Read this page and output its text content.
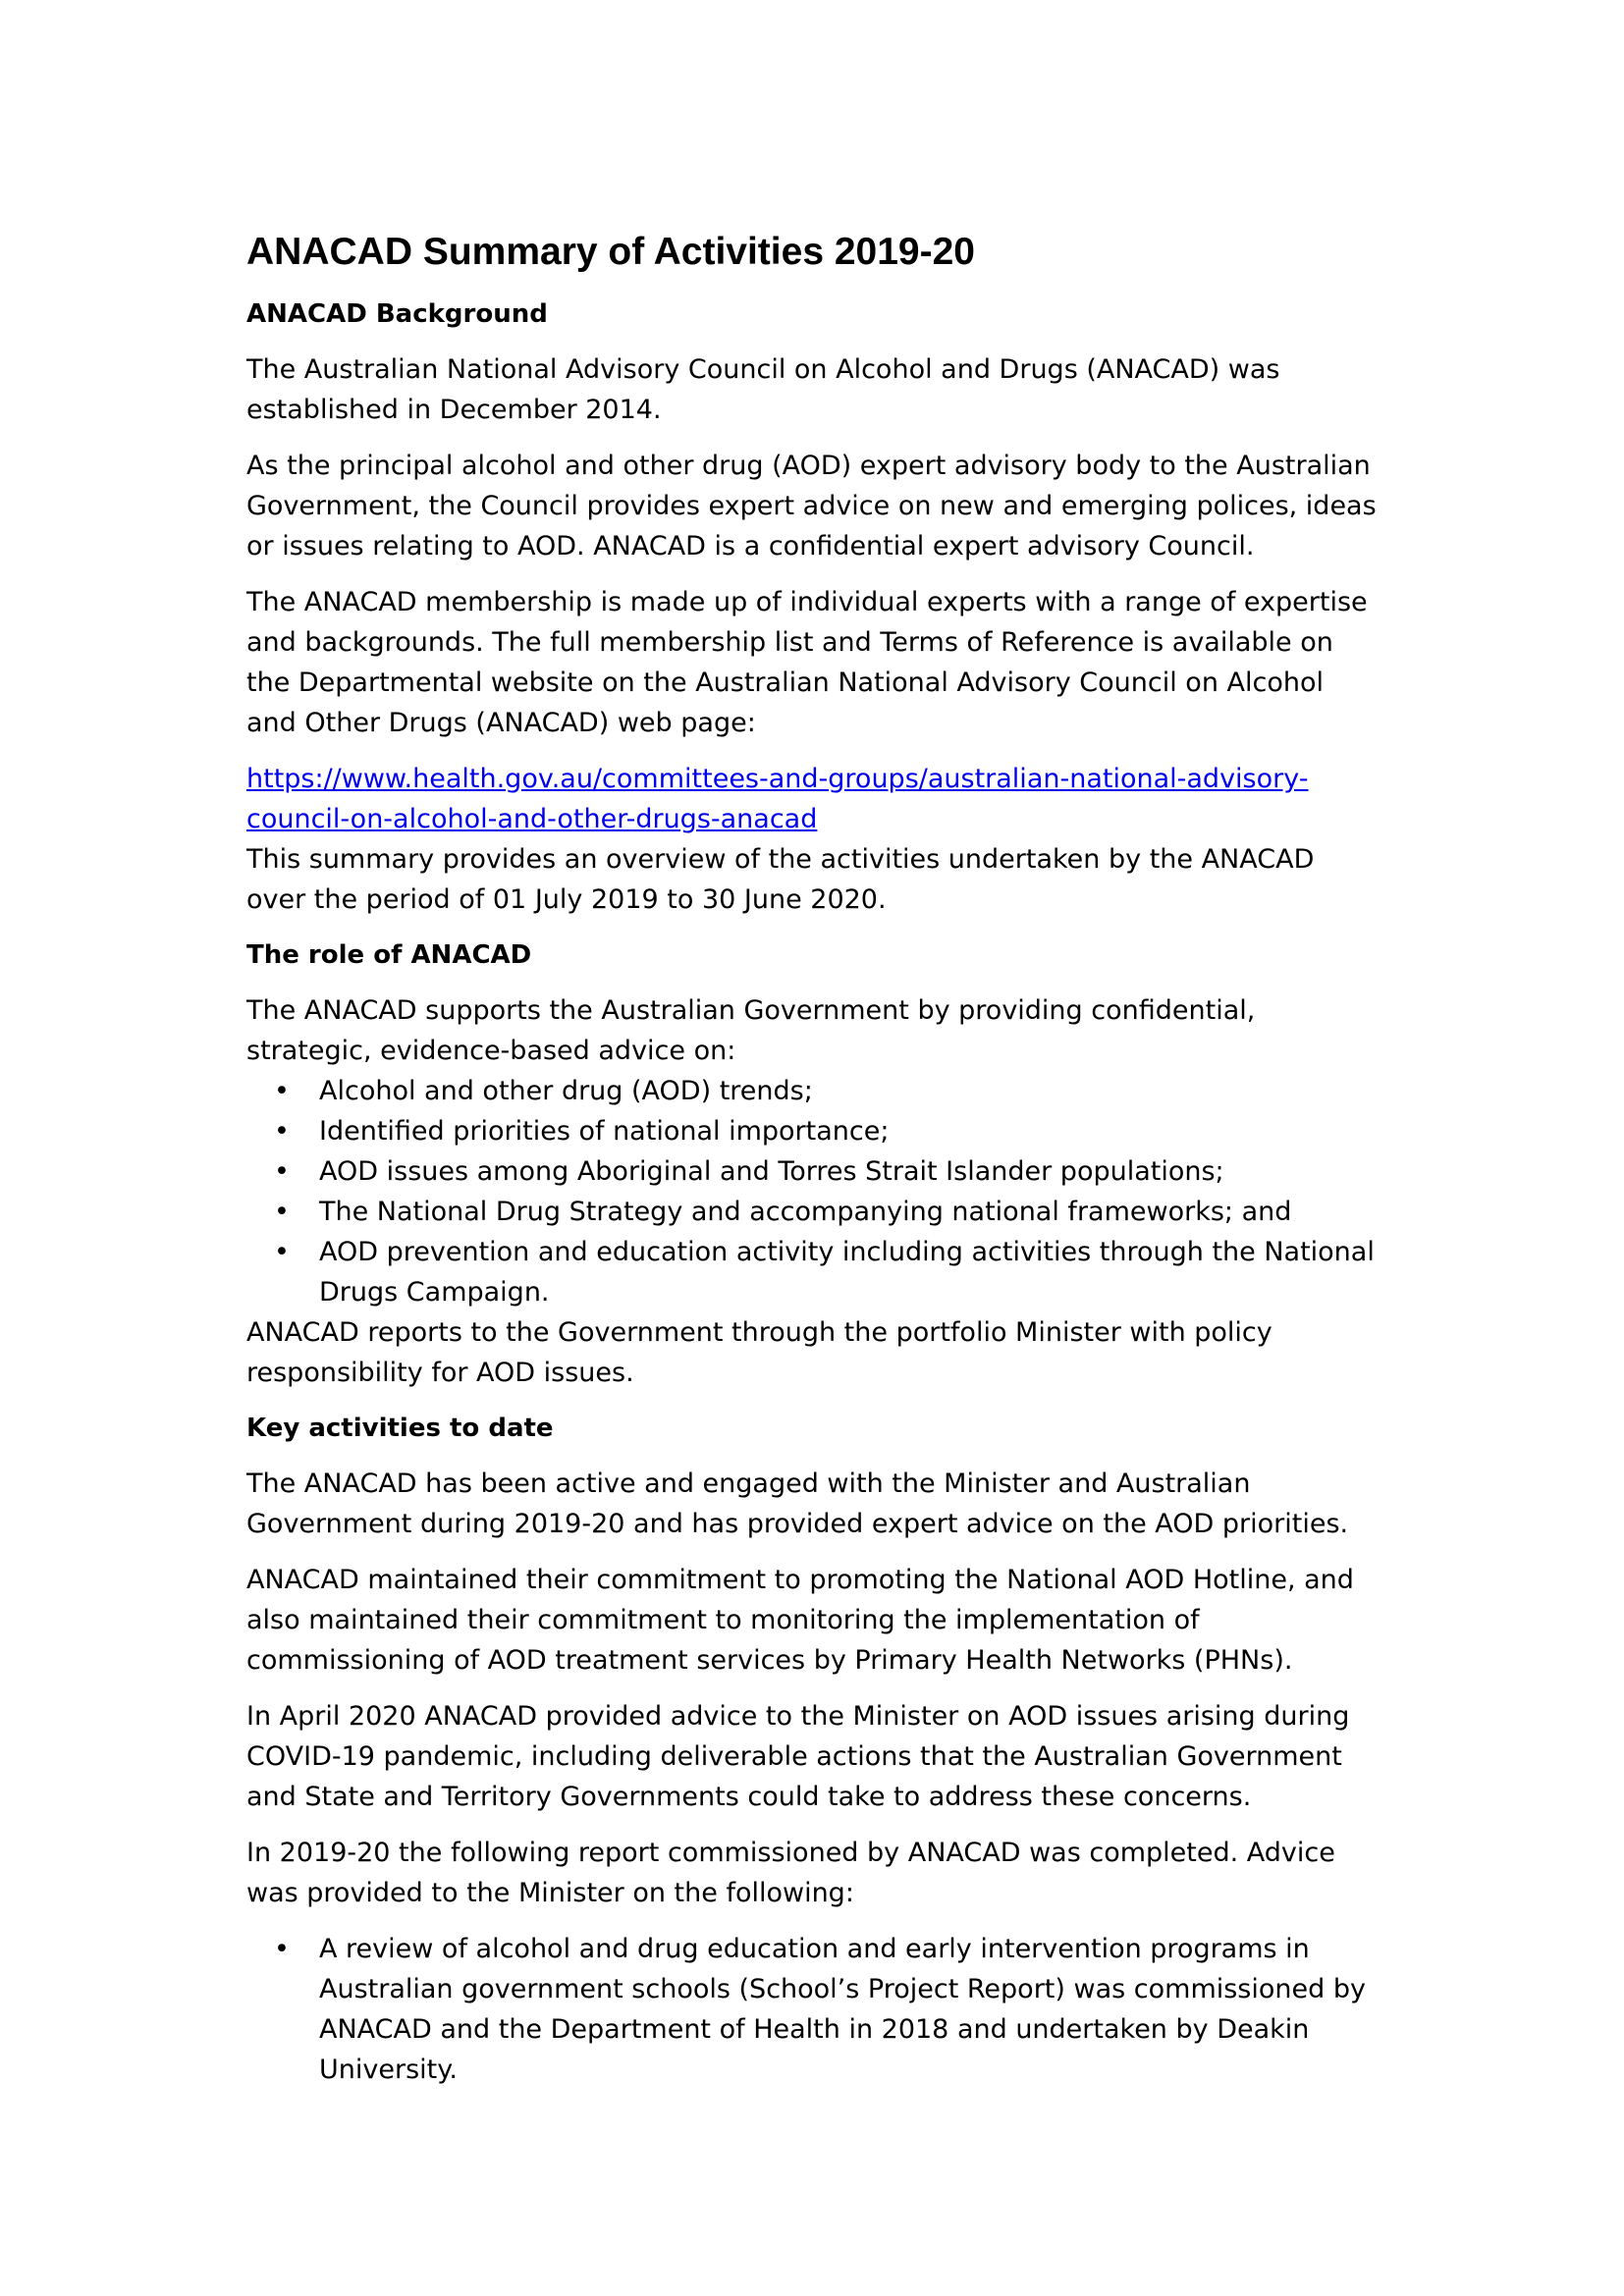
ANACAD Summary of Activities 2019-20
ANACAD Background

The Australian National Advisory Council on Alcohol and Drugs (ANACAD) was
established in December 2014.

As the principal alcohol and other drug (AOD) expert advisory body to the Australian
Government, the Council provides expert advice on new and emerging polices, ideas
or issues relating to AOD. ANACAD is a confidential expert advisory Council.

The ANACAD membership is made up of individual experts with a range of expertise
and backgrounds. The full membership list and Terms of Reference is available on
the Departmental website on the Australian National Advisory Council on Alcohol
and Other Drugs (ANACAD) web page:

https://www.health.gov.au/committees-and-groups/australian-national-advisory-
council-on-alcohol-and-other-drugs-anacad

This summary provides an overview of the activities undertaken by the ANACAD
over the period of 01 July 2019 to 30 June 2020.

The role of ANACAD

The ANACAD supports the Australian Government by providing confidential,
strategic, evidence-based advice on:

• Alcohol and other drug (AOD) trends;
• Identified priorities of national importance;
• AOD issues among Aboriginal and Torres Strait Islander populations;
• The National Drug Strategy and accompanying national frameworks; and
• AOD prevention and education activity including activities through the National
Drugs Campaign.

ANACAD reports to the Government through the portfolio Minister with policy
responsibility for AOD issues.

Key activities to date

The ANACAD has been active and engaged with the Minister and Australian
Government during 2019-20 and has provided expert advice on the AOD priorities.

ANACAD maintained their commitment to promoting the National AOD Hotline, and
also maintained their commitment to monitoring the implementation of
commissioning of AOD treatment services by Primary Health Networks (PHNs).

In April 2020 ANACAD provided advice to the Minister on AOD issues arising during
COVID-19 pandemic, including deliverable actions that the Australian Government
and State and Territory Governments could take to address these concerns.

In 2019-20 the following report commissioned by ANACAD was completed. Advice
was provided to the Minister on the following:

• A review of alcohol and drug education and early intervention programs in
Australian government schools (School’s Project Report) was commissioned by
ANACAD and the Department of Health in 2018 and undertaken by Deakin
University.
